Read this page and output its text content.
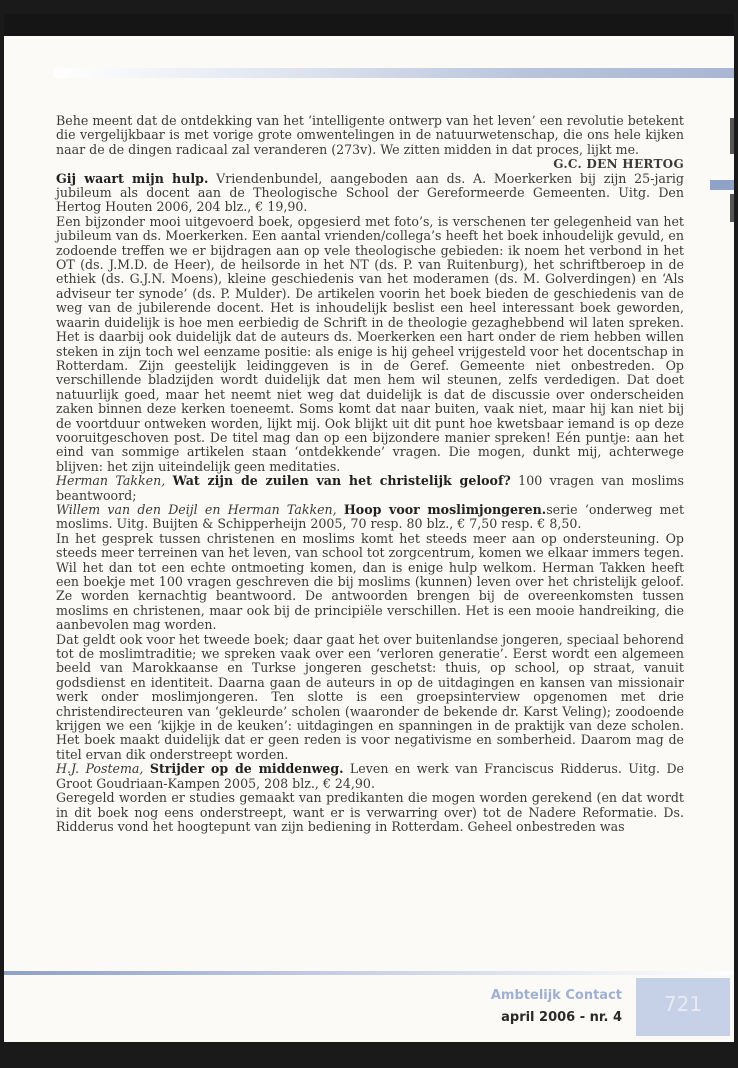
Behe meent dat de ontdekking van het ‘intelligente ontwerp van het leven’ een revolutie betekent die vergelijkbaar is met vorige grote omwentelingen in de natuurwetenschap, die ons hele kijken naar de de dingen radicaal zal veranderen (273v). We zitten midden in dat proces, lijkt me.

G.C. DEN HERTOG

Gij waart mijn hulp. Vriendenbundel, aangeboden aan ds. A. Moerkerken bij zijn 25-jarig jubileum als docent aan de Theologische School der Gereformeerde Gemeenten. Uitg. Den Hertog Houten 2006, 204 blz., € 19,90.

Een bijzonder mooi uitgevoerd boek, opgesierd met foto’s, is verschenen ter gelegenheid van het jubileum van ds. Moerkerken. Een aantal vrienden/collega’s heeft het boek inhoudelijk gevuld, en zodoende treffen we er bijdragen aan op vele theologische gebieden: ik noem het verbond in het OT (ds. J.M.D. de Heer), de heilsorde in het NT (ds. P. van Ruitenburg), het schriftberoep in de ethiek (ds. G.J.N. Moens), kleine geschiedenis van het moderamen (ds. M. Golverdingen) en ‘Als adviseur ter synode’ (ds. P. Mulder). De artikelen voorin het boek bieden de geschiedenis van de weg van de jubilerende docent. Het is inhoudelijk beslist een heel interessant boek geworden, waarin duidelijk is hoe men eerbiedig de Schrift in de theologie gezaghebbend wil laten spreken. Het is daarbij ook duidelijk dat de auteurs ds. Moerkerken een hart onder de riem hebben willen steken in zijn toch wel eenzame positie: als enige is hij geheel vrijgesteld voor het docentschap in Rotterdam. Zijn geestelijk leidinggeven is in de Geref. Gemeente niet onbestreden. Op verschillende bladzijden wordt duidelijk dat men hem wil steunen, zelfs verdedigen. Dat doet natuurlijk goed, maar het neemt niet weg dat duidelijk is dat de discussie over onderscheiden zaken binnen deze kerken toeneemt. Soms komt dat naar buiten, vaak niet, maar hij kan niet bij de voortduur ontweken worden, lijkt mij. Ook blijkt uit dit punt hoe kwetsbaar iemand is op deze vooruitgeschoven post. De titel mag dan op een bijzondere manier spreken! Eén puntje: aan het eind van sommige artikelen staan ‘ontdekkende’ vragen. Die mogen, dunkt mij, achterwege blijven: het zijn uiteindelijk geen meditaties.

Herman Takken, Wat zijn de zuilen van het christelijk geloof? 100 vragen van moslims beantwoord;
Willem van den Deijl en Herman Takken, Hoop voor moslimjongeren.serie ‘onderweg met moslims. Uitg. Buijten & Schipperheijn 2005, 70 resp. 80 blz., € 7,50 resp. € 8,50.

In het gesprek tussen christenen en moslims komt het steeds meer aan op ondersteuning. Op steeds meer terreinen van het leven, van school tot zorgcentrum, komen we elkaar immers tegen. Wil het dan tot een echte ontmoeting komen, dan is enige hulp welkom. Herman Takken heeft een boekje met 100 vragen geschreven die bij moslims (kunnen) leven over het christelijk geloof. Ze worden kernachtig beantwoord. De antwoorden brengen bij de overeenkomsten tussen moslims en christenen, maar ook bij de principiële verschillen. Het is een mooie handreiking, die aanbevolen mag worden.

Dat geldt ook voor het tweede boek; daar gaat het over buitenlandse jongeren, speciaal behorend tot de moslimtraditie; we spreken vaak over een ‘verloren generatie’. Eerst wordt een algemeen beeld van Marokkaanse en Turkse jongeren geschetst: thuis, op school, op straat, vanuit godsdienst en identiteit. Daarna gaan de auteurs in op de uitdagingen en kansen van missionair werk onder moslimjongeren. Ten slotte is een groepsinterview opgenomen met drie christendirecteuren van ‘gekleurde’ scholen (waaronder de bekende dr. Karst Veling); zoodoende krijgen we een ‘kijkje in de keuken’: uitdagingen en spanningen in de praktijk van deze scholen. Het boek maakt duidelijk dat er geen reden is voor negativisme en somberheid. Daarom mag de titel ervan dik onderstreept worden.

H.J. Postema, Strijder op de middenweg. Leven en werk van Franciscus Ridderus. Uitg. De Groot Goudriaan-Kampen 2005, 208 blz., € 24,90.

Geregeld worden er studies gemaakt van predikanten die mogen worden gerekend (en dat wordt in dit boek nog eens onderstreept, want er is verwarring over) tot de Nadere Reformatie. Ds. Ridderus vond het hoogtepunt van zijn bediening in Rotterdam. Geheel onbestreden was

721
Ambtelijk Contact
april 2006 - nr. 4
